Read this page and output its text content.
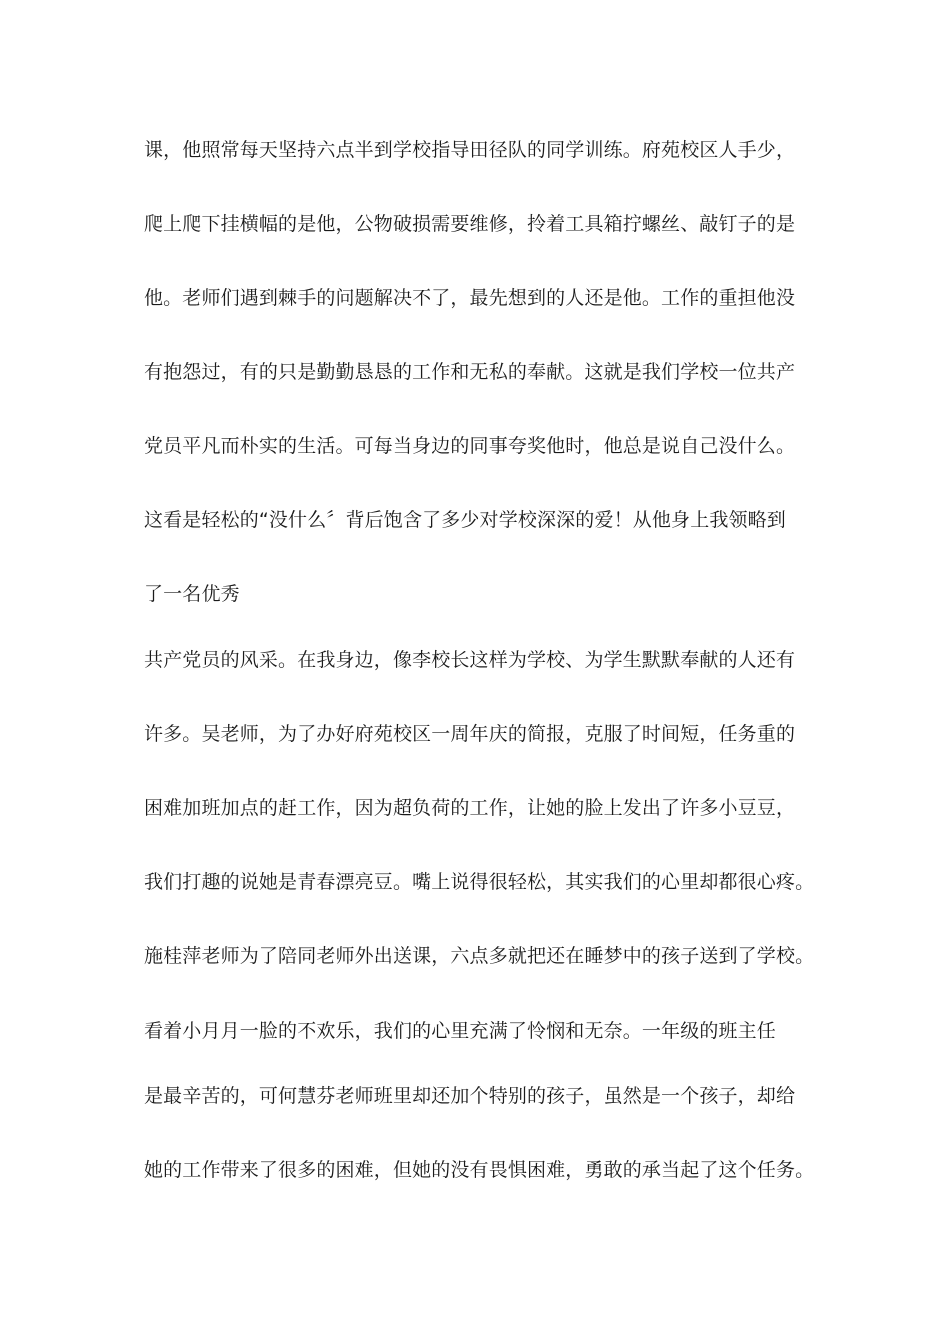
课，他照常每天坚持六点半到学校指导田径队的同学训练。府苑校区人手少，

爬上爬下挂横幅的是他，公物破损需要维修，拎着工具箱拧螺丝、敲钉子的是

他。老师们遇到棘手的问题解决不了，最先想到的人还是他。工作的重担他没

有抱怨过，有的只是勤勤恳恳的工作和无私的奉献。这就是我们学校一位共产

党员平凡而朴实的生活。可每当身边的同事夸奖他时，他总是说自己没什么。

这看是轻松的“没什么〞背后饱含了多少对学校深深的爱！从他身上我领略到

了一名优秀

共产党员的风采。在我身边，像李校长这样为学校、为学生默默奉献的人还有

许多。吴老师，为了办好府苑校区一周年庆的简报，克服了时间短，任务重的

困难加班加点的赶工作，因为超负荷的工作，让她的脸上发出了许多小豆豆，

我们打趣的说她是青春漂亮豆。嘴上说得很轻松，其实我们的心里却都很心疼。

施桂萍老师为了陪同老师外出送课，六点多就把还在睡梦中的孩子送到了学校。

看着小月月一脸的不欢乐，我们的心里充满了怜悯和无奈。一年级的班主任

是最辛苦的，可何慧芬老师班里却还加个特别的孩子，虽然是一个孩子，却给

她的工作带来了很多的困难，但她的没有畏惧困难，勇敢的承当起了这个任务。
